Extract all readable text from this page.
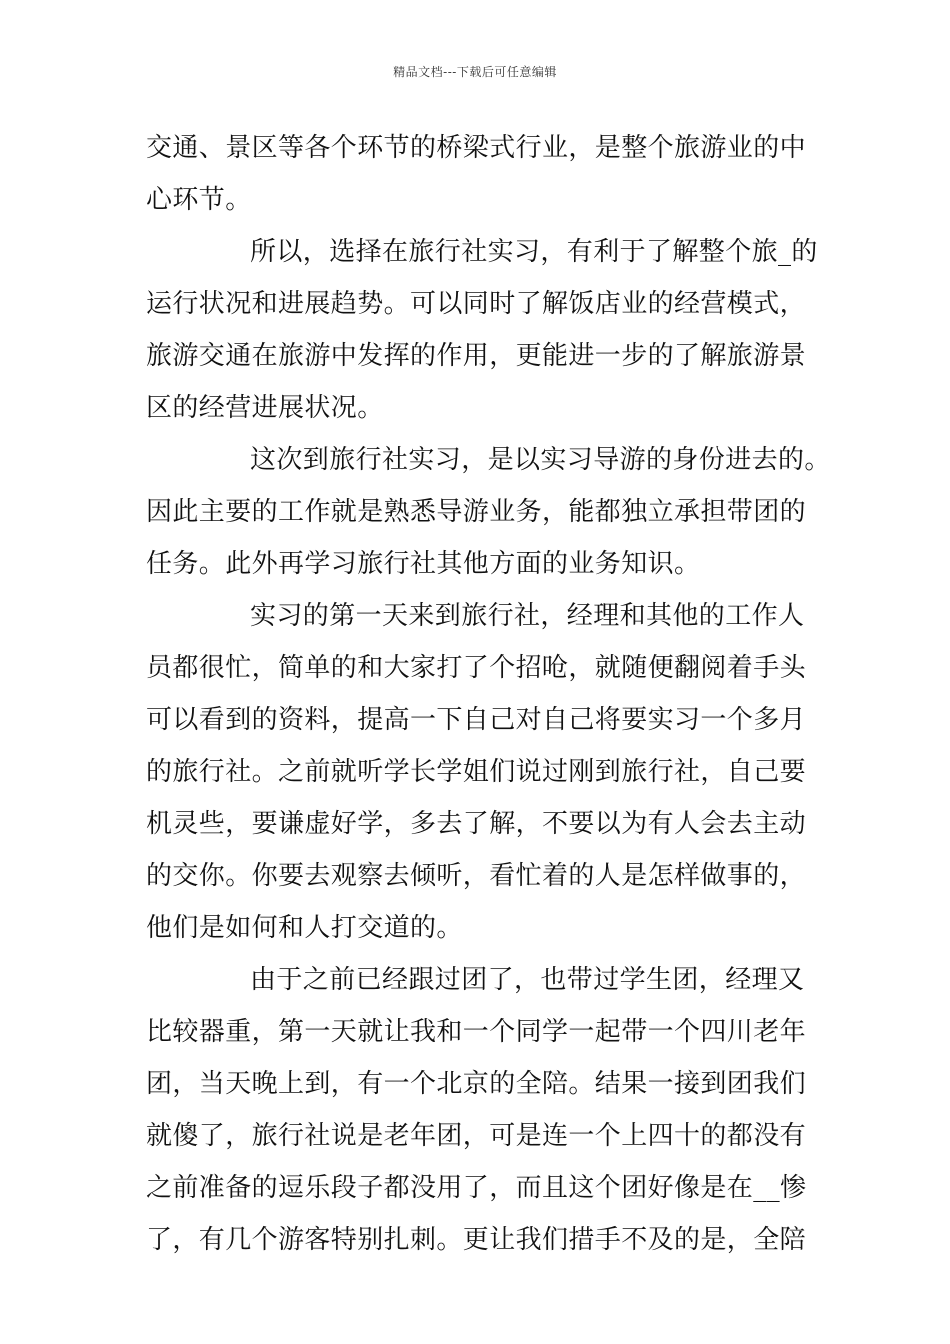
精品文档---下载后可任意编辑

交通、景区等各个环节的桥梁式行业，是整个旅游业的中
心环节。

所以，选择在旅行社实习，有利于了解整个旅_的
运行状况和进展趋势。可以同时了解饭店业的经营模式，
旅游交通在旅游中发挥的作用，更能进一步的了解旅游景
区的经营进展状况。

这次到旅行社实习，是以实习导游的身份进去的。
因此主要的工作就是熟悉导游业务，能都独立承担带团的
任务。此外再学习旅行社其他方面的业务知识。

实习的第一天来到旅行社，经理和其他的工作人
员都很忙，简单的和大家打了个招呛，就随便翻阅着手头
可以看到的资料，提高一下自己对自己将要实习一个多月
的旅行社。之前就听学长学姐们说过刚到旅行社，自己要
机灵些，要谦虚好学，多去了解，不要以为有人会去主动
的交你。你要去观察去倾听，看忙着的人是怎样做事的，
他们是如何和人打交道的。

由于之前已经跟过团了，也带过学生团，经理又
比较器重，第一天就让我和一个同学一起带一个四川老年
团，当天晚上到，有一个北京的全陪。结果一接到团我们
就傻了，旅行社说是老年团，可是连一个上四十的都没有
之前准备的逗乐段子都没用了，而且这个团好像是在__惨
了，有几个游客特别扎刺。更让我们措手不及的是，全陪
